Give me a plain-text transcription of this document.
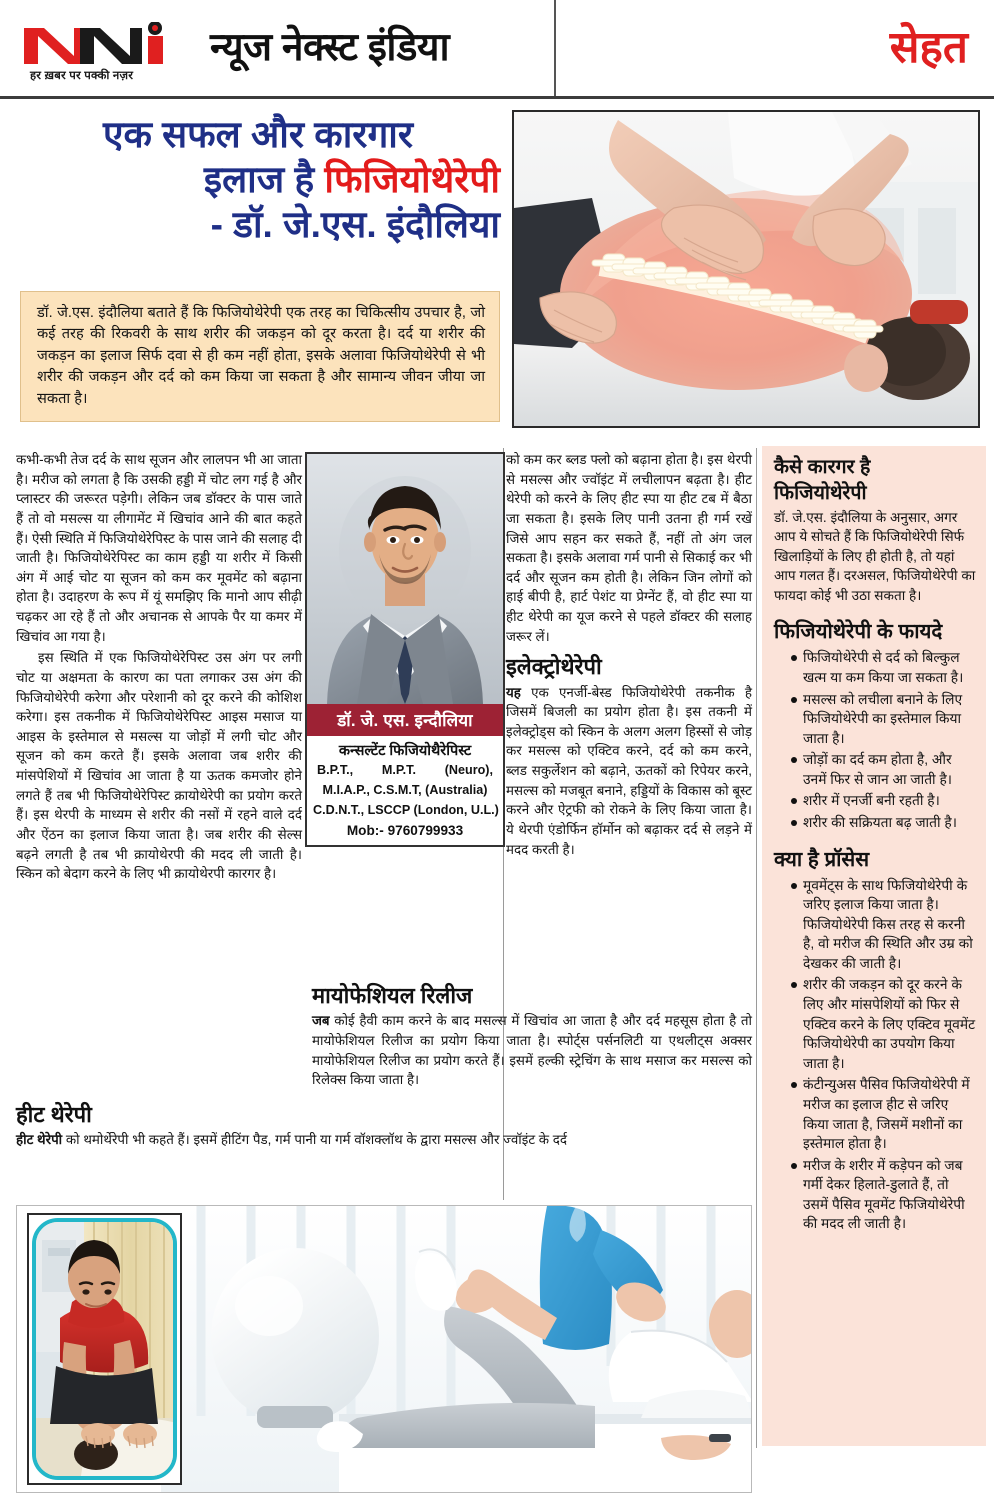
हर ख़बर पर पक्की नज़र
न्यूज नेक्स्ट इंडिया	सेहत
एक सफल और कारगार
इलाज है फिजियोथेरेपी
- डॉ. जे.एस. इंदौलिया
डॉ. जे.एस. इंदौलिया बताते हैं कि फिजियोथेरेपी एक तरह का चिकित्सीय उपचार है, जो कई तरह की रिकवरी के साथ शरीर की जकड़न को दूर करता है। दर्द या शरीर की जकड़न का इलाज सिर्फ दवा से ही कम नहीं होता, इसके अलावा फिजियोथेरेपी से भी शरीर की जकड़न और दर्द को कम किया जा सकता है और सामान्य जीवन जीया जा सकता है।

कभी-कभी तेज दर्द के साथ सूजन और लालपन भी आ जाता है। मरीज को लगता है कि उसकी हड्डी में चोट लग गई है और प्लास्टर की जरूरत पड़ेगी। लेकिन जब डॉक्टर के पास जाते हैं तो वो मसल्स या लीगामेंट में खिचांव आने की बात कहते हैं। ऐसी स्थिति में फिजियोथेरेपिस्ट के पास जाने की सलाह दी जाती है। फिजियोथेरेपिस्ट का काम हड्डी या शरीर में किसी अंग में आई चोट या सूजन को कम कर मूवमेंट को बढ़ाना होता है। उदाहरण के रूप में यूं समझिए कि मानो आप सीढ़ी चढ़कर आ रहे हैं तो और अचानक से आपके पैर या कमर में खिचांव आ गया है।

इस स्थिति में एक फिजियोथेरेपिस्ट उस अंग पर लगी चोट या अक्षमता के कारण का पता लगाकर उस अंग की फिजियोथेरेपी करेगा और परेशानी को दूर करने की कोशिश करेगा। इस तकनीक में फिजियोथेरेपिस्ट आइस मसाज या आइस के इस्तेमाल से मसल्स या जोड़ों में लगी चोट और सूजन को कम करते हैं। इसके अलावा जब शरीर की मांसपेशियों में खिचांव आ जाता है या ऊतक कमजोर होने लगते हैं तब भी फिजियोथेरेपिस्ट क्रायोथेरेपी का प्रयोग करते हैं। इस थेरपी के माध्यम से शरीर की नसों में रहने वाले दर्द और ऐंठन का इलाज किया जाता है। जब शरीर की सेल्स बढ़ने लगती है तब भी क्रायोथेरपी की मदद ली जाती है। स्किन को बेदाग करने के लिए भी क्रायोथेरपी कारगर है।

हीट थेरेपी

हीट थेरेपी को थमोर्थेरेपी भी कहते हैं। इसमें हीटिंग पैड, गर्म पानी या गर्म वॉशक्लॉथ के द्वारा मसल्स और ज्वॉइंट के दर्द

को कम कर ब्लड फ्लो को बढ़ाना होता है। इस थेरपी से मसल्स और ज्वॉइंट में लचीलापन बढ़ता है। हीट थेरेपी को करने के लिए हीट स्पा या हीट टब में बैठा जा सकता है। इसके लिए पानी उतना ही गर्म रखें जिसे आप सहन कर सकते हैं, नहीं तो अंग जल सकता है। इसके अलावा गर्म पानी से सिकाई कर भी दर्द और सूजन कम होती है। लेकिन जिन लोगों को हाई बीपी है, हार्ट पेशंट या प्रेग्नेंट हैं, वो हीट स्पा या हीट थेरेपी का यूज करने से पहले डॉक्टर की सलाह जरूर लें।

इलेक्ट्रोथेरेपी

यह एक एनर्जी-बेस्ड फिजियोथेरेपी तकनीक है जिसमें बिजली का प्रयोग होता है। इस तकनी में इलेक्ट्रोड्स को स्किन के अलग अलग हिस्सों से जोड़ कर मसल्स को एक्टिव करने, दर्द को कम करने, ब्लड सकुर्लेशन को बढ़ाने, ऊतकों को रिपेयर करने, मसल्स को मजबूत बनाने, हड्डियों के विकास को बूस्ट करने और ऐट्रफी को रोकने के लिए किया जाता है। ये थेरपी एंडोर्फिन हॉर्मोन को बढ़ाकर दर्द से लड़ने में मदद करती है।

मायोफेशियल रिलीज

जब कोई हैवी काम करने के बाद मसल्स में खिचांव आ जाता है और दर्द महसूस होता है तो मायोफेशियल रिलीज का प्रयोग किया जाता है। स्पोर्ट्स पर्सनलिटी या एथलीट्स अक्सर मायोफेशियल रिलीज का प्रयोग करते हैं। इसमें हल्की स्ट्रेचिंग के साथ मसाज कर मसल्स को रिलेक्स किया जाता है।

डॉ. जे. एस. इन्दौलिया
कन्सल्टेंट फिजियोथैरेपिस्ट
B.P.T., M.P.T. (Neuro),
M.I.A.P., C.S.M.T, (Australia)
C.D.N.T., LSCCP (London, U.L.)
Mob:- 9760799933
कैसे कारगर है
फिजियोथेरेपी

डॉ. जे.एस. इंदौलिया के अनुसार, अगर आप ये सोचते हैं कि फिजियोथेरेपी सिर्फ खिलाड़ियों के लिए ही होती है, तो यहां आप गलत हैं। दरअसल, फिजियोथेरेपी का फायदा कोई भी उठा सकता है।

फिजियोथेरेपी के फायदे
फिजियोथेरेपी से दर्द को बिल्कुल खत्म या कम किया जा सकता है।
मसल्स को लचीला बनाने के लिए फिजियोथेरेपी का इस्तेमाल किया जाता है।
जोड़ों का दर्द कम होता है, और उनमें फिर से जान आ जाती है।
शरीर में एनर्जी बनी रहती है।
शरीर की सक्रियता बढ़ जाती है।
क्या है प्रॉसेस
मूवमेंट्स के साथ फिजियोथेरेपी के जरिए इलाज किया जाता है। फिजियोथेरेपी किस तरह से करनी है, वो मरीज की स्थिति और उम्र को देखकर की जाती है।
शरीर की जकड़न को दूर करने के लिए और मांसपेशियों को फिर से एक्टिव करने के लिए एक्टिव मूवमेंट फिजियोथेरेपी का उपयोग किया जाता है।
कंटीन्युअस पैसिव फिजियोथेरेपी में मरीज का इलाज हीट से जरिए किया जाता है, जिसमें मशीनों का इस्तेमाल होता है।
मरीज के शरीर में कड़ेपन को जब गर्मी देकर हिलाते-डुलाते हैं, तो उसमें पैसिव मूवमेंट फिजियोथेरेपी की मदद ली जाती है।
